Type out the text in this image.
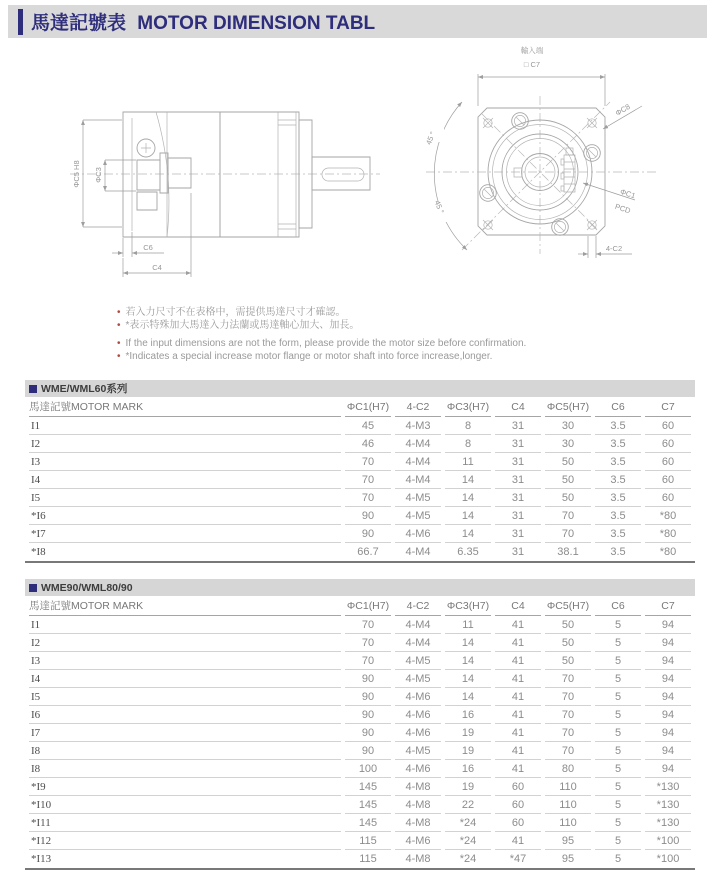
馬達記號表 MOTOR DIMENSION TABL
ΦC5 H8 ΦC3
C6
C4
輸入端
□ C7
45 °
45 °
ΦC8
ΦC1
PCD
4-C2
• 若入力尺寸不在表格中，需提供馬達尺寸才確認。
• *表示特殊加大馬達入力法蘭或馬達軸心加大、加長。
• If the input dimensions are not the form, please provide the motor size before confirmation.
• *Indicates a special increase motor flange or motor shaft into force increase,longer.
WME/WML60系列
馬達記號MOTOR MARK	ΦC1(H7)	4-C2	ΦC3(H7)	C4	ΦC5(H7)	C6	C7
I1	45	4-M3	8	31	30	3.5	60
I2	46	4-M4	8	31	30	3.5	60
I3	70	4-M4	11	31	50	3.5	60
I4	70	4-M4	14	31	50	3.5	60
I5	70	4-M5	14	31	50	3.5	60
*I6	90	4-M5	14	31	70	3.5	*80
*I7	90	4-M6	14	31	70	3.5	*80
*I8	66.7	4-M4	6.35	31	38.1	3.5	*80
WME90/WML80/90
馬達記號MOTOR MARK	ΦC1(H7)	4-C2	ΦC3(H7)	C4	ΦC5(H7)	C6	C7
I1	70	4-M4	11	41	50	5	94
I2	70	4-M4	14	41	50	5	94
I3	70	4-M5	14	41	50	5	94
I4	90	4-M5	14	41	70	5	94
I5	90	4-M6	14	41	70	5	94
I6	90	4-M6	16	41	70	5	94
I7	90	4-M6	19	41	70	5	94
I8	90	4-M5	19	41	70	5	94
I8	100	4-M6	16	41	80	5	94
*I9	145	4-M8	19	60	110	5	*130
*I10	145	4-M8	22	60	110	5	*130
*I11	145	4-M8	*24	60	110	5	*130
*I12	115	4-M6	*24	41	95	5	*100
*I13	115	4-M8	*24	*47	95	5	*100
